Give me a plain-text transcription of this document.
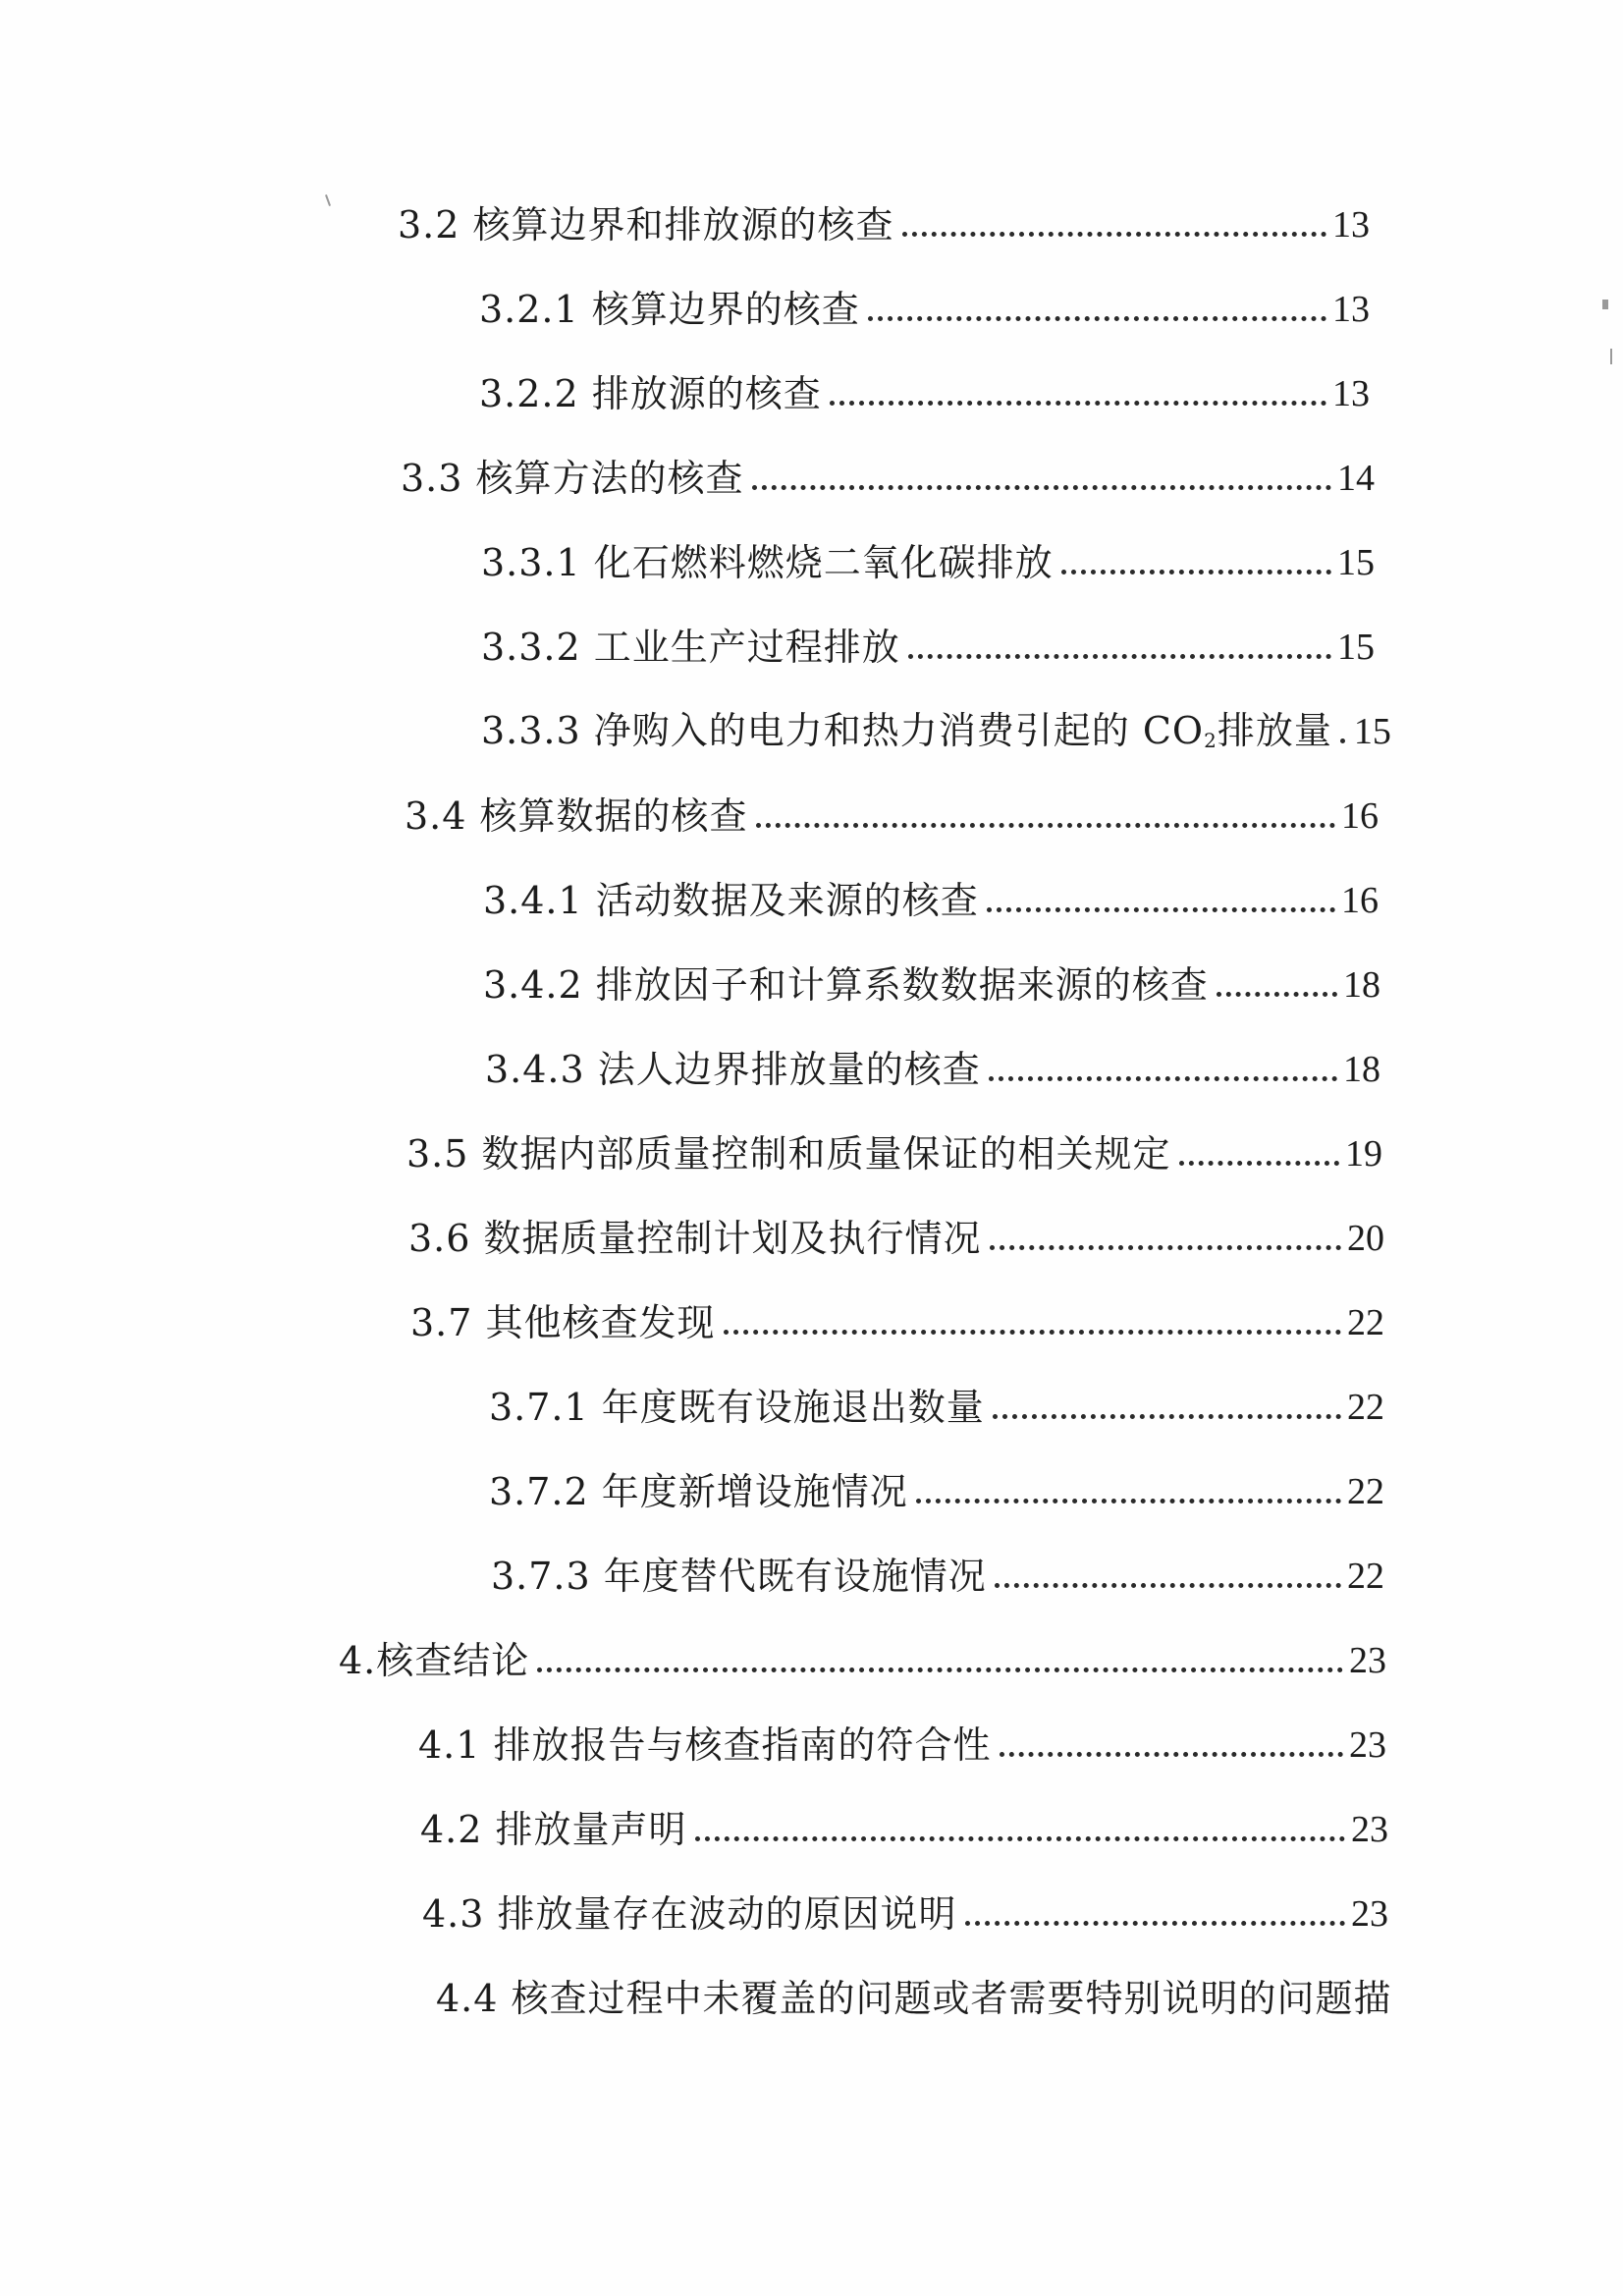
3.2 核算边界和排放源的核查	13
3.2.1 核算边界的核查	13
3.2.2 排放源的核查	13
3.3 核算方法的核查	14
3.3.1 化石燃料燃烧二氧化碳排放	15
3.3.2 工业生产过程排放	15
3.3.3 净购入的电力和热力消费引起的 $CO_2$排放量 15
3.4 核算数据的核查	16
3.4.1 活动数据及来源的核查	16
3.4.2 排放因子和计算系数数据来源的核查	18
3.4.3 法人边界排放量的核查	18
3.5 数据内部质量控制和质量保证的相关规定	19
3.6 数据质量控制计划及执行情况	20
3.7 其他核查发现	22
3.7.1 年度既有设施退出数量	22
3.7.2 年度新增设施情况	22
3.7.3 年度替代既有设施情况	22
4.核查结论	23
4.1 排放报告与核查指南的符合性	23
4.2 排放量声明	23
4.3 排放量存在波动的原因说明	23
4.4 核查过程中未覆盖的问题或者需要特别说明的问题描
